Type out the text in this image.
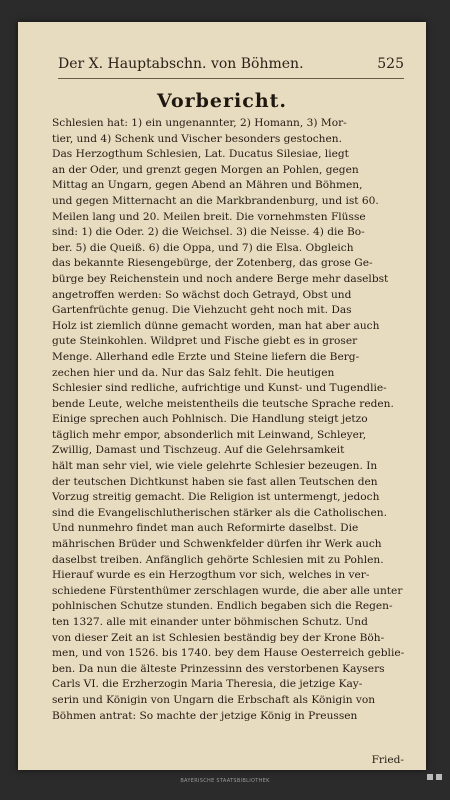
Der X. Hauptabschn. von Böhmen.	525
Vorbericht.
Schlesien hat: 1) ein ungenannter, 2) Homann, 3) Mor-
tier, und 4) Schenk und Vischer besonders gestochen.
Das Herzogthum Schlesien, Lat. Ducatus Silesiae, liegt
an der Oder, und grenzt gegen Morgen an Pohlen, gegen
Mittag an Ungarn, gegen Abend an Mähren und Böhmen,
und gegen Mitternacht an die Markbrandenburg, und ist 60.
Meilen lang und 20. Meilen breit. Die vornehmsten Flüsse
sind: 1) die Oder. 2) die Weichsel. 3) die Neisse. 4) die Bo-
ber. 5) die Queiß. 6) die Oppa, und 7) die Elsa. Obgleich
das bekannte Riesengebürge, der Zotenberg, das grose Ge-
bürge bey Reichenstein und noch andere Berge mehr daselbst
angetroffen werden: So wächst doch Getrayd, Obst und
Gartenfrüchte genug. Die Viehzucht geht noch mit. Das
Holz ist ziemlich dünne gemacht worden, man hat aber auch
gute Steinkohlen. Wildpret und Fische giebt es in groser
Menge. Allerhand edle Erzte und Steine liefern die Berg-
zechen hier und da. Nur das Salz fehlt. Die heutigen
Schlesier sind redliche, aufrichtige und Kunst- und Tugendlie-
bende Leute, welche meistentheils die teutsche Sprache reden.
Einige sprechen auch Pohlnisch. Die Handlung steigt jetzo
täglich mehr empor, absonderlich mit Leinwand, Schleyer,
Zwillig, Damast und Tischzeug. Auf die Gelehrsamkeit
hält man sehr viel, wie viele gelehrte Schlesier bezeugen. In
der teutschen Dichtkunst haben sie fast allen Teutschen den
Vorzug streitig gemacht. Die Religion ist untermengt, jedoch
sind die Evangelischlutherischen stärker als die Catholischen.
Und nunmehro findet man auch Reformirte daselbst. Die
mährischen Brüder und Schwenkfelder dürfen ihr Werk auch
daselbst treiben. Anfänglich gehörte Schlesien mit zu Pohlen.
Hierauf wurde es ein Herzogthum vor sich, welches in ver-
schiedene Fürstenthümer zerschlagen wurde, die aber alle unter
pohlnischen Schutze stunden. Endlich begaben sich die Regen-
ten 1327. alle mit einander unter böhmischen Schutz. Und
von dieser Zeit an ist Schlesien beständig bey der Krone Böh-
men, und von 1526. bis 1740. bey dem Hause Oesterreich geblie-
ben. Da nun die älteste Prinzessinn des verstorbenen Kaysers
Carls VI. die Erzherzogin Maria Theresia, die jetzige Kay-
serin und Königin von Ungarn die Erbschaft als Königin von
Böhmen antrat: So machte der jetzige König in Preussen
Fried-
BAYERISCHE STAATSBIBLIOTHEK
